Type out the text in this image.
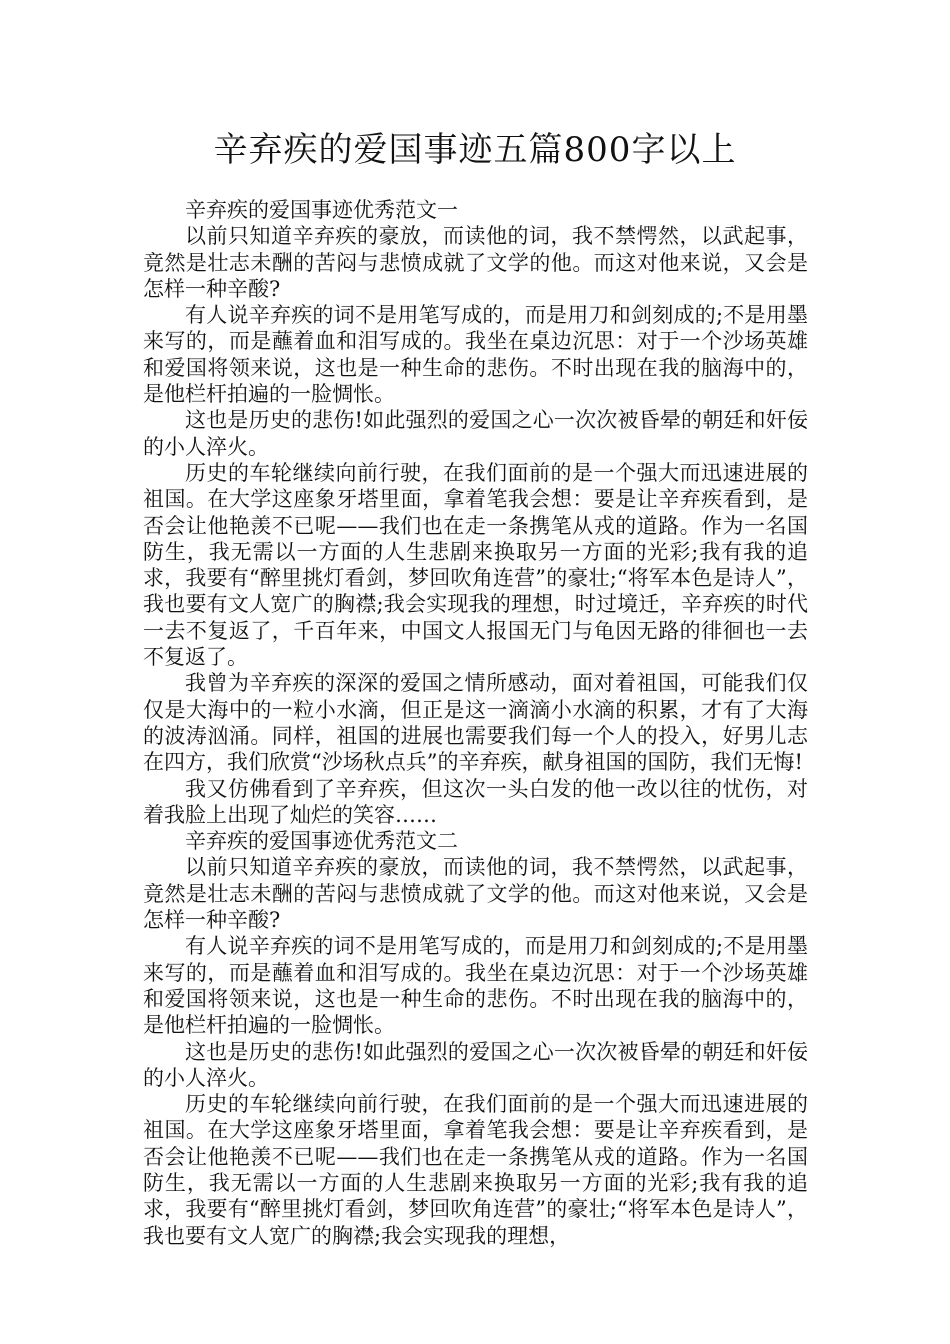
辛弃疾的爱国事迹五篇800字以上

辛弃疾的爱国事迹优秀范文一

以前只知道辛弃疾的豪放，而读他的词，我不禁愕然，以武起事，竟然是壮志未酬的苦闷与悲愤成就了文学的他。而这对他来说，又会是怎样一种辛酸?

有人说辛弃疾的词不是用笔写成的，而是用刀和剑刻成的;不是用墨来写的，而是蘸着血和泪写成的。我坐在桌边沉思：对于一个沙场英雄和爱国将领来说，这也是一种生命的悲伤。不时出现在我的脑海中的，是他栏杆拍遍的一脸惆怅。

这也是历史的悲伤!如此强烈的爱国之心一次次被昏晕的朝廷和奸佞的小人淬火。

历史的车轮继续向前行驶，在我们面前的是一个强大而迅速进展的祖国。在大学这座象牙塔里面，拿着笔我会想：要是让辛弃疾看到，是否会让他艳羡不已呢——我们也在走一条携笔从戎的道路。作为一名国防生，我无需以一方面的人生悲剧来换取另一方面的光彩;我有我的追求，我要有“醉里挑灯看剑，梦回吹角连营”的豪壮;“将军本色是诗人”，我也要有文人宽广的胸襟;我会实现我的理想，时过境迁，辛弃疾的时代一去不复返了，千百年来，中国文人报国无门与龟因无路的徘徊也一去不复返了。

我曾为辛弃疾的深深的爱国之情所感动，面对着祖国，可能我们仅仅是大海中的一粒小水滴，但正是这一滴滴小水滴的积累，才有了大海的波涛汹涌。同样，祖国的进展也需要我们每一个人的投入，好男儿志在四方，我们欣赏“沙场秋点兵”的辛弃疾，献身祖国的国防，我们无悔!

我又仿佛看到了辛弃疾，但这次一头白发的他一改以往的忧伤，对着我脸上出现了灿烂的笑容……

辛弃疾的爱国事迹优秀范文二

以前只知道辛弃疾的豪放，而读他的词，我不禁愕然，以武起事，竟然是壮志未酬的苦闷与悲愤成就了文学的他。而这对他来说，又会是怎样一种辛酸?

有人说辛弃疾的词不是用笔写成的，而是用刀和剑刻成的;不是用墨来写的，而是蘸着血和泪写成的。我坐在桌边沉思：对于一个沙场英雄和爱国将领来说，这也是一种生命的悲伤。不时出现在我的脑海中的，是他栏杆拍遍的一脸惆怅。

这也是历史的悲伤!如此强烈的爱国之心一次次被昏晕的朝廷和奸佞的小人淬火。

历史的车轮继续向前行驶，在我们面前的是一个强大而迅速进展的祖国。在大学这座象牙塔里面，拿着笔我会想：要是让辛弃疾看到，是否会让他艳羡不已呢——我们也在走一条携笔从戎的道路。作为一名国防生，我无需以一方面的人生悲剧来换取另一方面的光彩;我有我的追求，我要有“醉里挑灯看剑，梦回吹角连营”的豪壮;“将军本色是诗人”，我也要有文人宽广的胸襟;我会实现我的理想，
